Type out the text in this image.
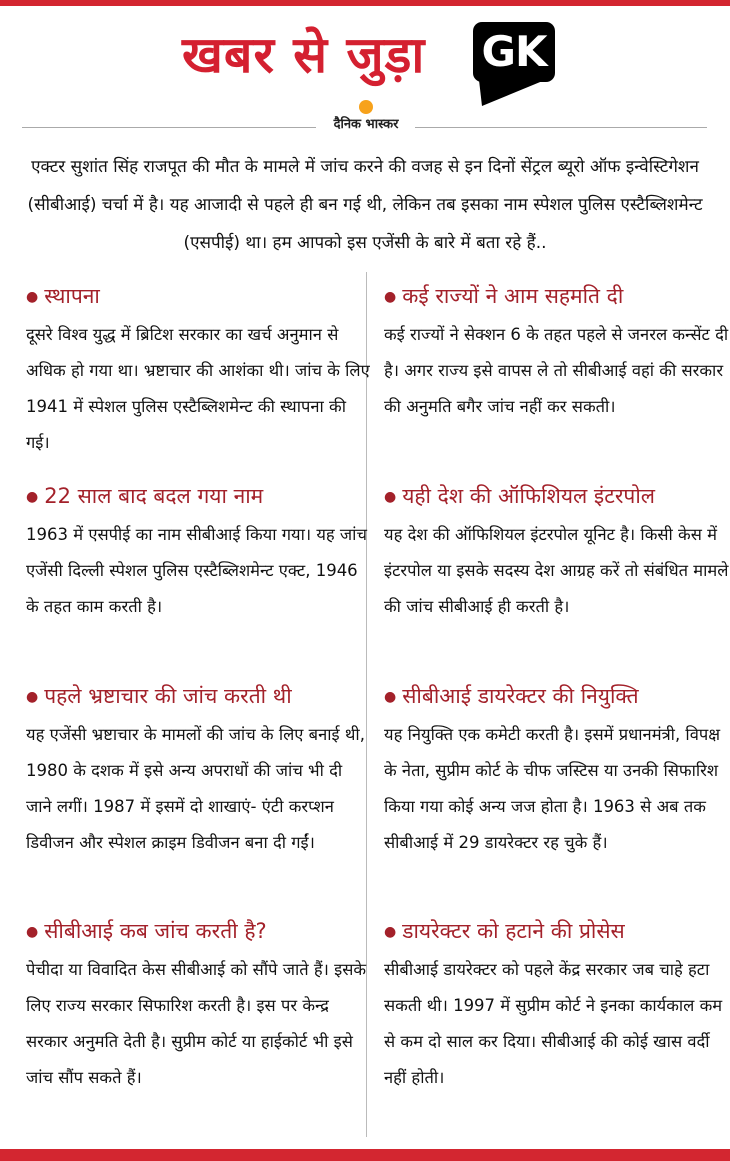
खबर से जुड़ा GK
दैनिक भास्कर

एक्टर सुशांत सिंह राजपूत की मौत के मामले में जांच करने की वजह से इन दिनों सेंट्रल ब्यूरो ऑफ इन्वेस्टिगेशन (सीबीआई) चर्चा में है। यह आजादी से पहले ही बन गई थी, लेकिन तब इसका नाम स्पेशल पुलिस एस्टैब्लिशमेन्ट (एसपीई) था। हम आपको इस एजेंसी के बारे में बता रहे हैं..

● स्थापना

दूसरे विश्व युद्ध में ब्रिटिश सरकार का खर्च अनुमान से अधिक हो गया था। भ्रष्टाचार की आशंका थी। जांच के लिए 1941 में स्पेशल पुलिस एस्टैब्लिशमेन्ट की स्थापना की गई।

● 22 साल बाद बदल गया नाम

1963 में एसपीई का नाम सीबीआई किया गया। यह जांच एजेंसी दिल्ली स्पेशल पुलिस एस्टैब्लिशमेन्ट एक्ट, 1946 के तहत काम करती है।

● पहले भ्रष्टाचार की जांच करती थी

यह एजेंसी भ्रष्टाचार के मामलों की जांच के लिए बनाई थी, 1980 के दशक में इसे अन्य अपराधों की जांच भी दी जाने लगीं। 1987 में इसमें दो शाखाएं- एंटी करप्शन डिवीजन और स्पेशल क्राइम डिवीजन बना दी गईं।

● सीबीआई कब जांच करती है?

पेचीदा या विवादित केस सीबीआई को सौंपे जाते हैं। इसके लिए राज्य सरकार सिफारिश करती है। इस पर केन्द्र सरकार अनुमति देती है। सुप्रीम कोर्ट या हाईकोर्ट भी इसे जांच सौंप सकते हैं।

● कई राज्यों ने आम सहमति दी

कई राज्यों ने सेक्शन 6 के तहत पहले से जनरल कन्सेंट दी है। अगर राज्य इसे वापस ले तो सीबीआई वहां की सरकार की अनुमति बगैर जांच नहीं कर सकती।

● यही देश की ऑफिशियल इंटरपोल

यह देश की ऑफिशियल इंटरपोल यूनिट है। किसी केस में इंटरपोल या इसके सदस्य देश आग्रह करें तो संबंधित मामले की जांच सीबीआई ही करती है।

● सीबीआई डायरेक्टर की नियुक्ति

यह नियुक्ति एक कमेटी करती है। इसमें प्रधानमंत्री, विपक्ष के नेता, सुप्रीम कोर्ट के चीफ जस्टिस या उनकी सिफारिश किया गया कोई अन्य जज होता है। 1963 से अब तक सीबीआई में 29 डायरेक्टर रह चुके हैं।

● डायरेक्टर को हटाने की प्रोसेस

सीबीआई डायरेक्टर को पहले केंद्र सरकार जब चाहे हटा सकती थी। 1997 में सुप्रीम कोर्ट ने इनका कार्यकाल कम से कम दो साल कर दिया। सीबीआई की कोई खास वर्दी नहीं होती।
